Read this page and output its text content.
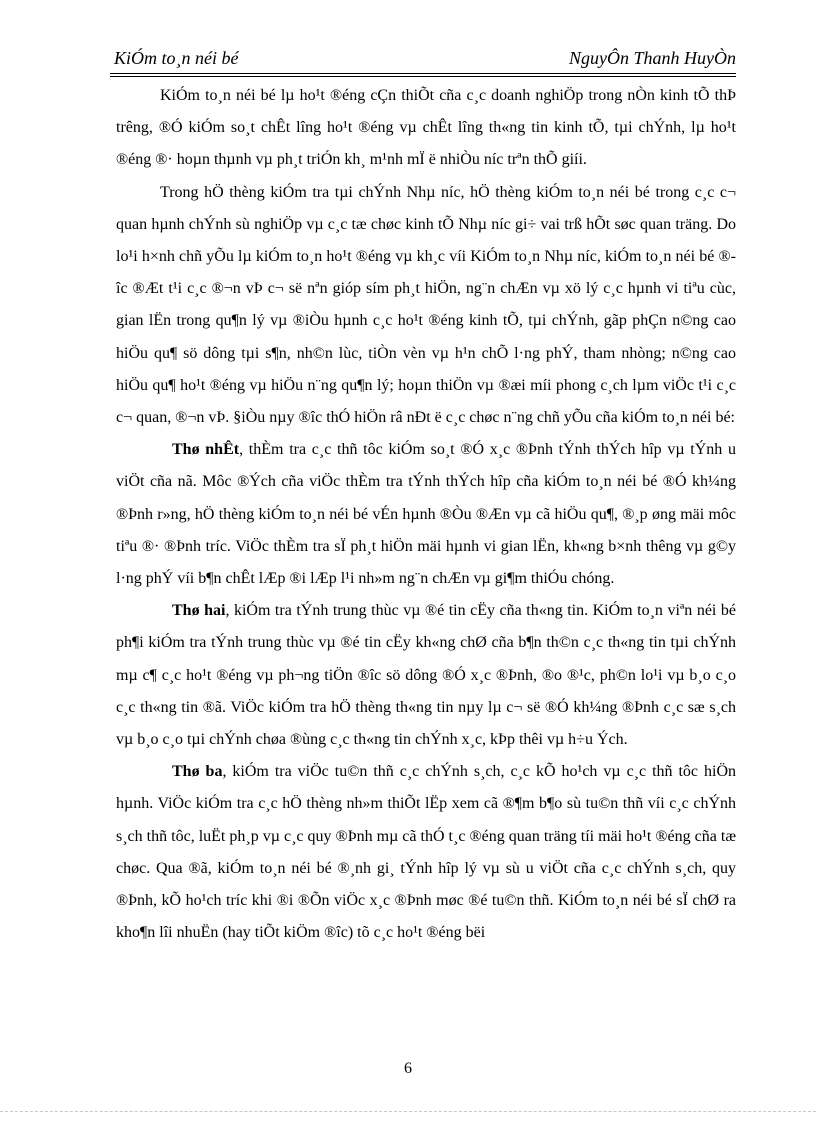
KiÓm to¸n néi bé	NguyÔn Thanh HuyÒn

KiÓm to¸n néi bé lµ ho¹t ®éng cÇn thiÕt cña c¸c doanh nghiÖp trong nÒn kinh tÕ thÞ trêng, ®Ó kiÓm so¸t chÊt lîng ho¹t ®éng vµ chÊt lîng th«ng tin kinh tÕ, tµi chÝnh, lµ ho¹t ®éng ®· hoµn thµnh vµ ph¸t triÓn kh¸ m¹nh mÏ ë nhiÒu níc trªn thÕ giíi.

Trong hÖ thèng kiÓm tra tµi chÝnh Nhµ níc, hÖ thèng kiÓm to¸n néi bé trong c¸c c¬ quan hµnh chÝnh sù nghiÖp vµ c¸c tæ chøc kinh tÕ Nhµ níc gi÷ vai trß hÕt søc quan träng. Do lo¹i h×nh chñ yÕu lµ kiÓm to¸n ho¹t ®éng vµ kh¸c víi KiÓm to¸n Nhµ níc, kiÓm to¸n néi bé ®îc ®Æt t¹i c¸c ®¬n vÞ c¬ së nªn gióp sím ph¸t hiÖn, ng¨n chÆn vµ xö lý c¸c hµnh vi tiªu cùc, gian lËn trong qu¶n lý vµ ®iÒu hµnh c¸c ho¹t ®éng kinh tÕ, tµi chÝnh, gãp phÇn n©ng cao hiÖu qu¶ sö dông tµi s¶n, nh©n lùc, tiÒn vèn vµ h¹n chÕ l·ng phÝ, tham nhòng; n©ng cao hiÖu qu¶ ho¹t ®éng vµ hiÖu n¨ng qu¶n lý; hoµn thiÖn vµ ®æi míi phong c¸ch lµm viÖc t¹i c¸c c¬ quan, ®¬n vÞ. §iÒu nµy ®îc thÓ hiÖn râ nÐt ë c¸c chøc n¨ng chñ yÕu cña kiÓm to¸n néi bé:

Thø nhÊt, thÈm tra c¸c thñ tôc kiÓm so¸t ®Ó x¸c ®Þnh tÝnh thÝch hîp vµ tÝnh u viÖt cña nã. Môc ®Ých cña viÖc thÈm tra tÝnh thÝch hîp cña kiÓm to¸n néi bé ®Ó kh¼ng ®Þnh r»ng, hÖ thèng kiÓm to¸n néi bé vÉn hµnh ®Òu ®Æn vµ cã hiÖu qu¶, ®¸p øng mäi môc tiªu ®· ®Þnh tríc. ViÖc thÈm tra sÏ ph¸t hiÖn mäi hµnh vi gian lËn, kh«ng b×nh thêng vµ g©y l·ng phÝ víi b¶n chÊt lÆp ®i lÆp l¹i nh»m ng¨n chÆn vµ gi¶m thiÓu chóng.

Thø hai, kiÓm tra tÝnh trung thùc vµ ®é tin cËy cña th«ng tin. KiÓm to¸n viªn néi bé ph¶i kiÓm tra tÝnh trung thùc vµ ®é tin cËy kh«ng chØ cña b¶n th©n c¸c th«ng tin tµi chÝnh mµ c¶ c¸c ho¹t ®éng vµ ph¬ng tiÖn ®îc sö dông ®Ó x¸c ®Þnh, ®o ®¹c, ph©n lo¹i vµ b¸o c¸o c¸c th«ng tin ®ã. ViÖc kiÓm tra hÖ thèng th«ng tin nµy lµ c¬ së ®Ó kh¼ng ®Þnh c¸c sæ s¸ch vµ b¸o c¸o tµi chÝnh chøa ®ùng c¸c th«ng tin chÝnh x¸c, kÞp thêi vµ h÷u Ých.

Thø ba, kiÓm tra viÖc tu©n thñ c¸c chÝnh s¸ch, c¸c kÕ ho¹ch vµ c¸c thñ tôc hiÖn hµnh. ViÖc kiÓm tra c¸c hÖ thèng nh»m thiÕt lËp xem cã ®¶m b¶o sù tu©n thñ víi c¸c chÝnh s¸ch thñ tôc, luËt ph¸p vµ c¸c quy ®Þnh mµ cã thÓ t¸c ®éng quan träng tíi mäi ho¹t ®éng cña tæ chøc. Qua ®ã, kiÓm to¸n néi bé ®¸nh gi¸ tÝnh hîp lý vµ sù u viÖt cña c¸c chÝnh s¸ch, quy ®Þnh, kÕ ho¹ch tríc khi ®i ®Õn viÖc x¸c ®Þnh møc ®é tu©n thñ. KiÓm to¸n néi bé sÏ chØ ra kho¶n lîi nhuËn (hay tiÕt kiÖm ®îc) tõ c¸c ho¹t ®éng bëi

6
